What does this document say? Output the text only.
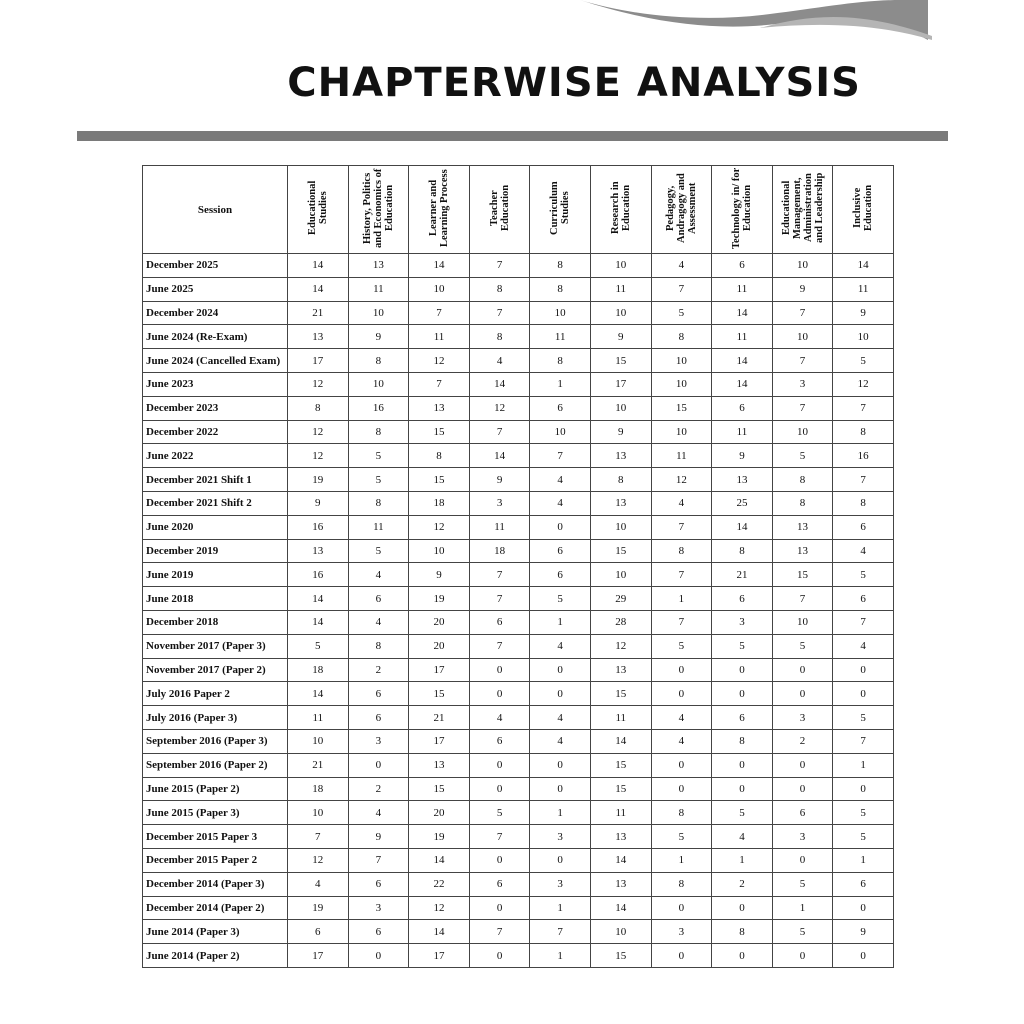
CHAPTERWISE ANALYSIS
Session	Educational Studies	History, Politics and Economics of Education	Learner and Learning Process	Teacher Education	Curriculum Studies	Research in Education	Pedagogy, Andragogy and Assessment	Technology in/ for Education	Educational Management, Administration and Leadership	Inclusive Education
December 2025	14	13	14	7	8	10	4	6	10	14
June 2025	14	11	10	8	8	11	7	11	9	11
December 2024	21	10	7	7	10	10	5	14	7	9
June 2024 (Re-Exam)	13	9	11	8	11	9	8	11	10	10
June 2024 (Cancelled Exam)	17	8	12	4	8	15	10	14	7	5
June 2023	12	10	7	14	1	17	10	14	3	12
December 2023	8	16	13	12	6	10	15	6	7	7
December 2022	12	8	15	7	10	9	10	11	10	8
June 2022	12	5	8	14	7	13	11	9	5	16
December 2021 Shift 1	19	5	15	9	4	8	12	13	8	7
December 2021 Shift 2	9	8	18	3	4	13	4	25	8	8
June 2020	16	11	12	11	0	10	7	14	13	6
December 2019	13	5	10	18	6	15	8	8	13	4
June 2019	16	4	9	7	6	10	7	21	15	5
June 2018	14	6	19	7	5	29	1	6	7	6
December 2018	14	4	20	6	1	28	7	3	10	7
November 2017 (Paper 3)	5	8	20	7	4	12	5	5	5	4
November 2017 (Paper 2)	18	2	17	0	0	13	0	0	0	0
July 2016 Paper 2	14	6	15	0	0	15	0	0	0	0
July 2016 (Paper 3)	11	6	21	4	4	11	4	6	3	5
September 2016 (Paper 3)	10	3	17	6	4	14	4	8	2	7
September 2016 (Paper 2)	21	0	13	0	0	15	0	0	0	1
June 2015 (Paper 2)	18	2	15	0	0	15	0	0	0	0
June 2015 (Paper 3)	10	4	20	5	1	11	8	5	6	5
December 2015 Paper 3	7	9	19	7	3	13	5	4	3	5
December 2015 Paper 2	12	7	14	0	0	14	1	1	0	1
December 2014 (Paper 3)	4	6	22	6	3	13	8	2	5	6
December 2014 (Paper 2)	19	3	12	0	1	14	0	0	1	0
June 2014 (Paper 3)	6	6	14	7	7	10	3	8	5	9
June 2014 (Paper 2)	17	0	17	0	1	15	0	0	0	0
